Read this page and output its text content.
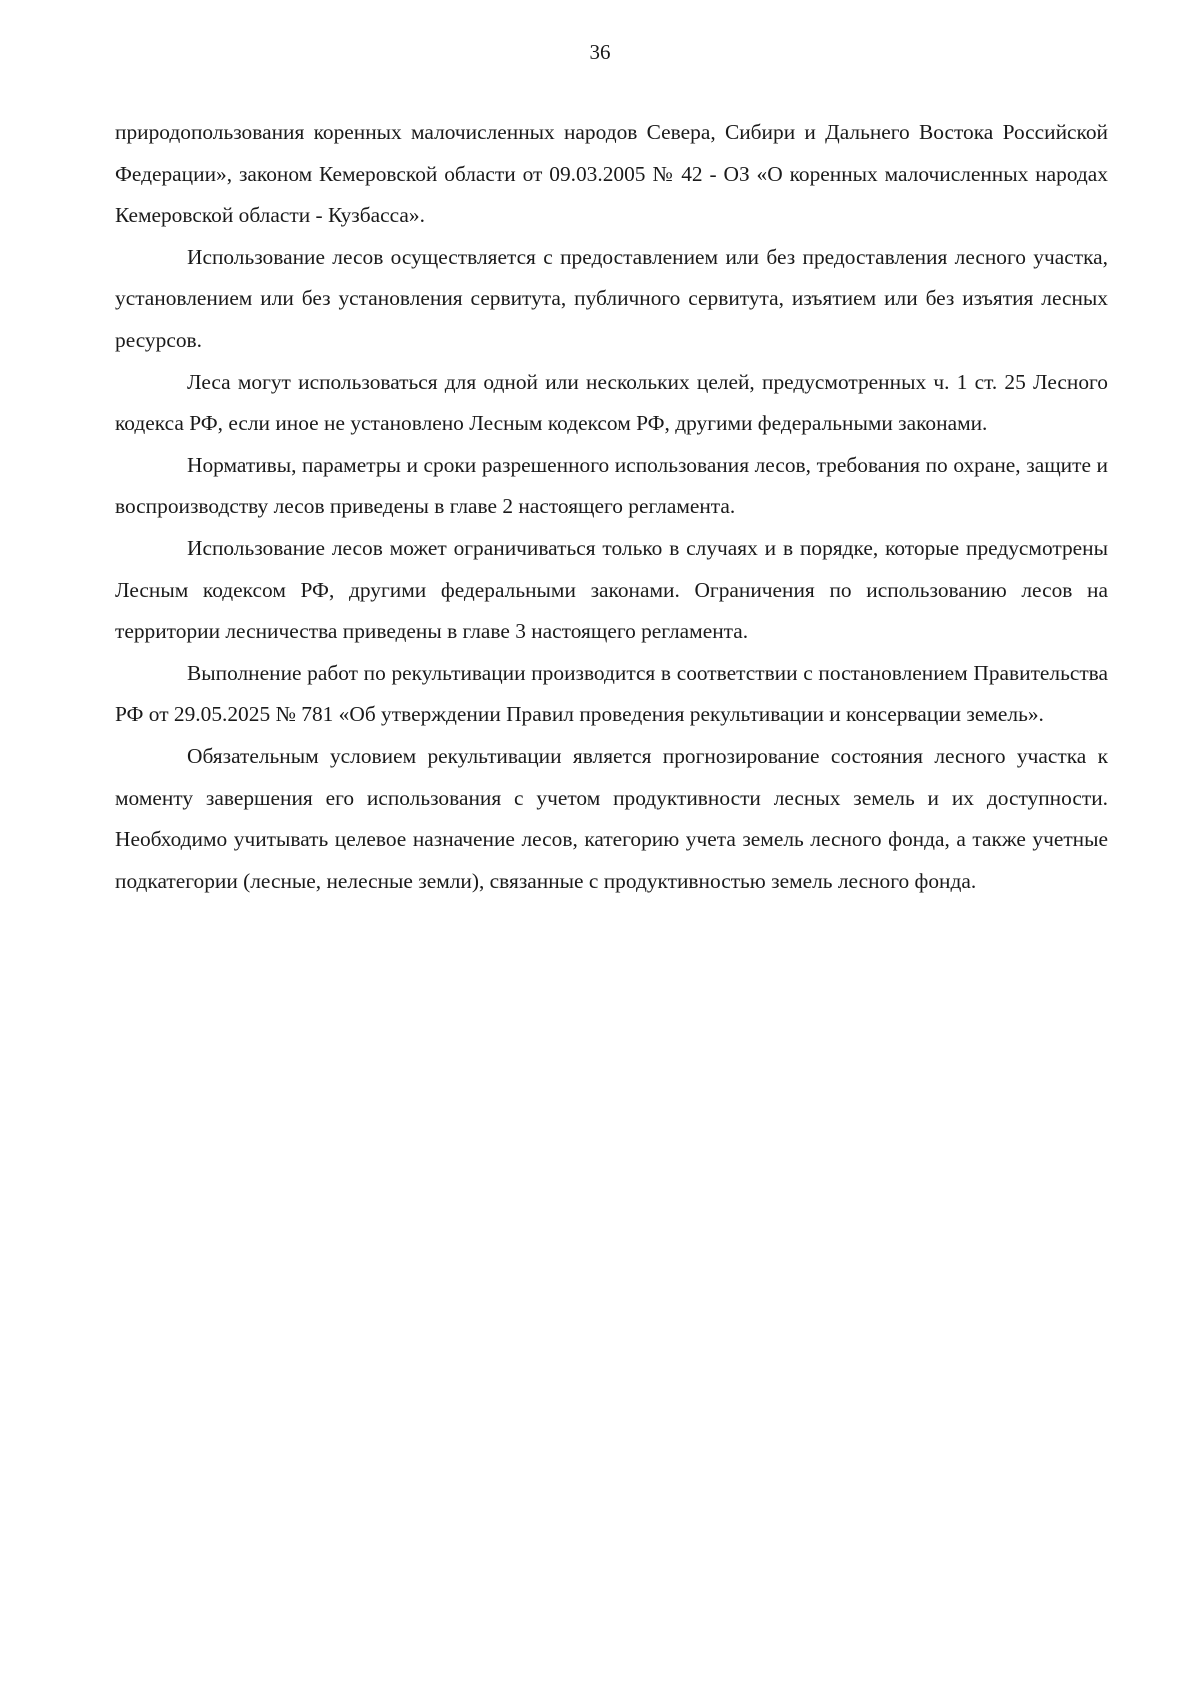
36

природопользования коренных малочисленных народов Севера, Сибири и Дальнего Востока Российской Федерации», законом Кемеровской области от 09.03.2005 № 42 - ОЗ «О коренных малочисленных народах Кемеровской области - Кузбасса».

Использование лесов осуществляется с предоставлением или без предоставления лесного участка, установлением или без установления сервитута, публичного сервитута, изъятием или без изъятия лесных ресурсов.

Леса могут использоваться для одной или нескольких целей, предусмотренных ч. 1 ст. 25 Лесного кодекса РФ, если иное не установлено Лесным кодексом РФ, другими федеральными законами.

Нормативы, параметры и сроки разрешенного использования лесов, требования по охране, защите и воспроизводству лесов приведены в главе 2 настоящего регламента.

Использование лесов может ограничиваться только в случаях и в порядке, которые предусмотрены Лесным кодексом РФ, другими федеральными законами. Ограничения по использованию лесов на территории лесничества приведены в главе 3 настоящего регламента.

Выполнение работ по рекультивации производится в соответствии с постановлением Правительства РФ от 29.05.2025 № 781 «Об утверждении Правил проведения рекультивации и консервации земель».

Обязательным условием рекультивации является прогнозирование состояния лесного участка к моменту завершения его использования с учетом продуктивности лесных земель и их доступности. Необходимо учитывать целевое назначение лесов, категорию учета земель лесного фонда, а также учетные подкатегории (лесные, нелесные земли), связанные с продуктивностью земель лесного фонда.
